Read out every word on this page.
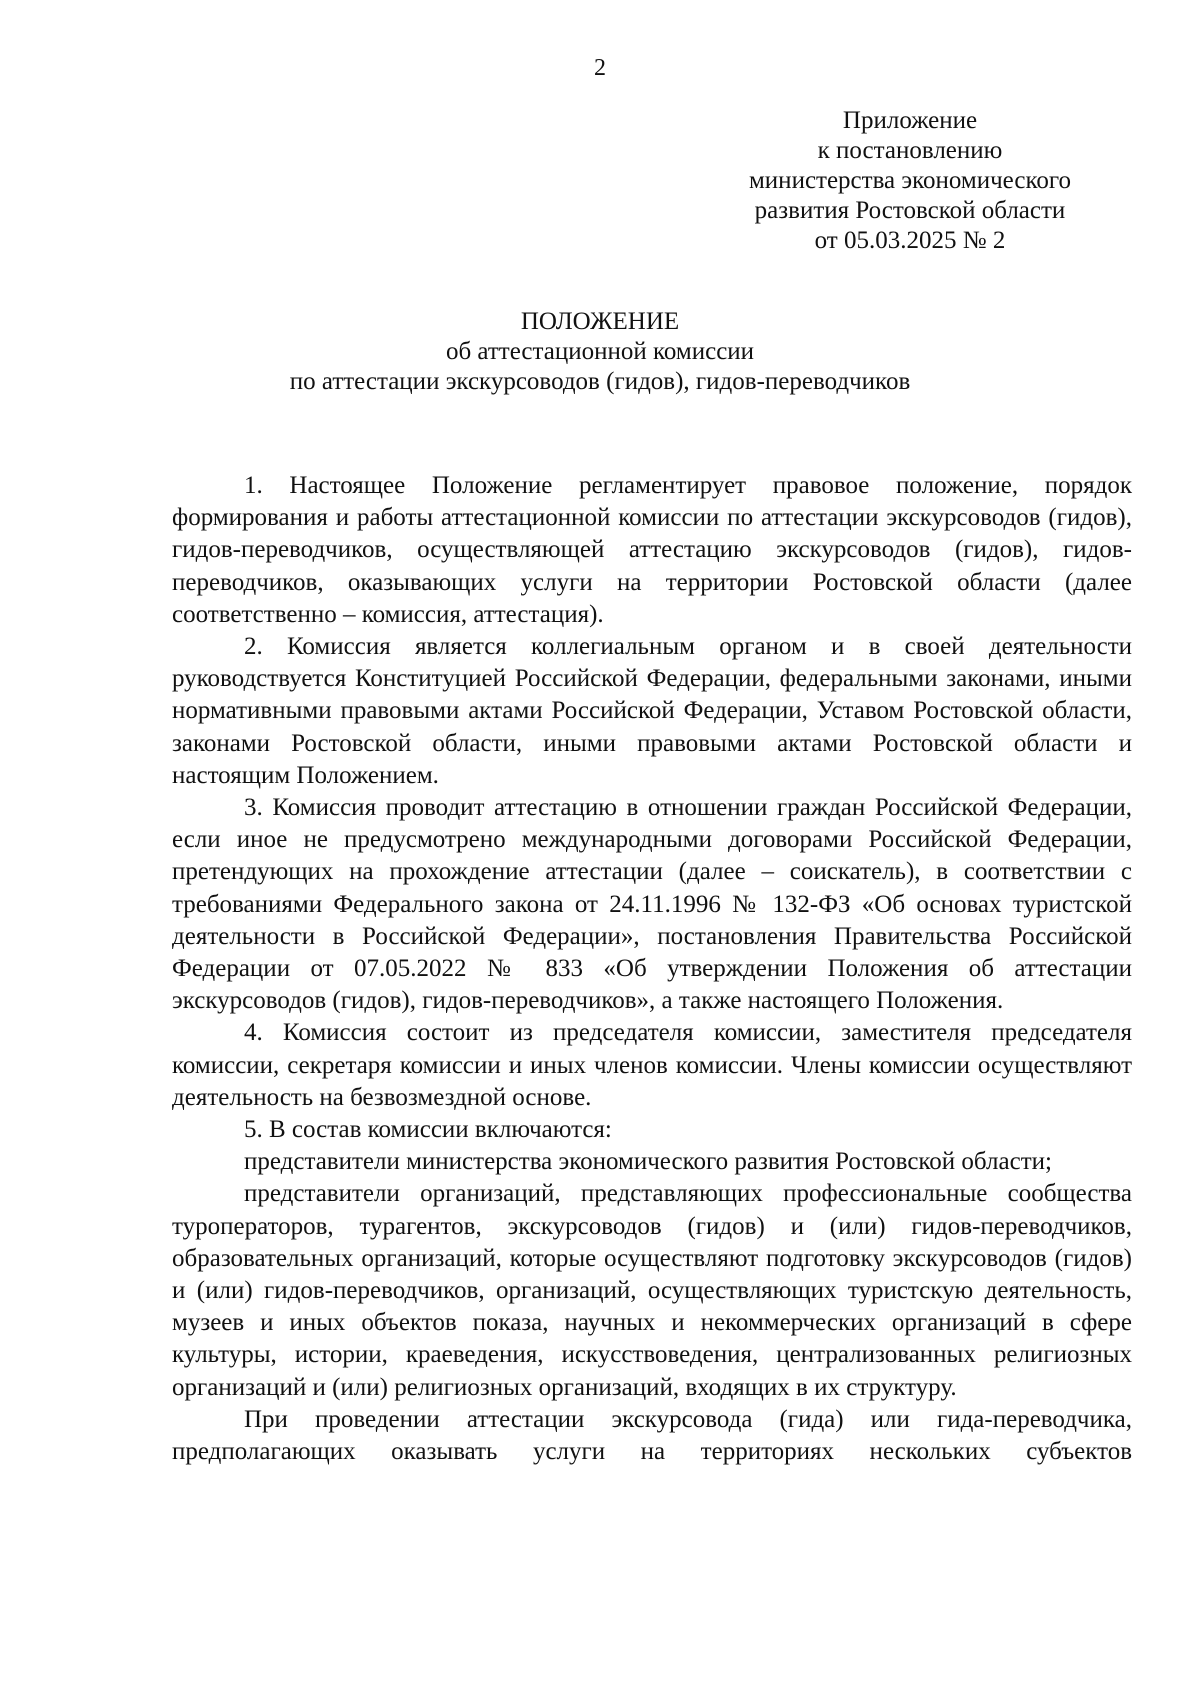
2
Приложение
к постановлению
министерства экономического
развития Ростовской области
от 05.03.2025 № 2
ПОЛОЖЕНИЕ
об аттестационной комиссии
по аттестации экскурсоводов (гидов), гидов-переводчиков

1. Настоящее Положение регламентирует правовое положение, порядок формирования и работы аттестационной комиссии по аттестации экскурсоводов (гидов), гидов-переводчиков, осуществляющей аттестацию экскурсоводов (гидов), гидов-переводчиков, оказывающих услуги на территории Ростовской области (далее соответственно – комиссия, аттестация).

2. Комиссия является коллегиальным органом и в своей деятельности руководствуется Конституцией Российской Федерации, федеральными законами, иными нормативными правовыми актами Российской Федерации, Уставом Ростовской области, законами Ростовской области, иными правовыми актами Ростовской области и настоящим Положением.

3. Комиссия проводит аттестацию в отношении граждан Российской Федерации, если иное не предусмотрено международными договорами Российской Федерации, претендующих на прохождение аттестации (далее – соискатель), в соответствии с требованиями Федерального закона от 24.11.1996 № 132-ФЗ «Об основах туристской деятельности в Российской Федерации», постановления Правительства Российской Федерации от 07.05.2022 № 833 «Об утверждении Положения об аттестации экскурсоводов (гидов), гидов-переводчиков», а также настоящего Положения.

4. Комиссия состоит из председателя комиссии, заместителя председателя комиссии, секретаря комиссии и иных членов комиссии. Члены комиссии осуществляют деятельность на безвозмездной основе.

5. В состав комиссии включаются:

представители министерства экономического развития Ростовской области;

представители организаций, представляющих профессиональные сообщества туроператоров, турагентов, экскурсоводов (гидов) и (или) гидов-переводчиков, образовательных организаций, которые осуществляют подготовку экскурсоводов (гидов) и (или) гидов-переводчиков, организаций, осуществляющих туристскую деятельность, музеев и иных объектов показа, научных и некоммерческих организаций в сфере культуры, истории, краеведения, искусствоведения, централизованных религиозных организаций и (или) религиозных организаций, входящих в их структуру.

При проведении аттестации экскурсовода (гида) или гида-переводчика, предполагающих оказывать услуги на территориях нескольких субъектов
